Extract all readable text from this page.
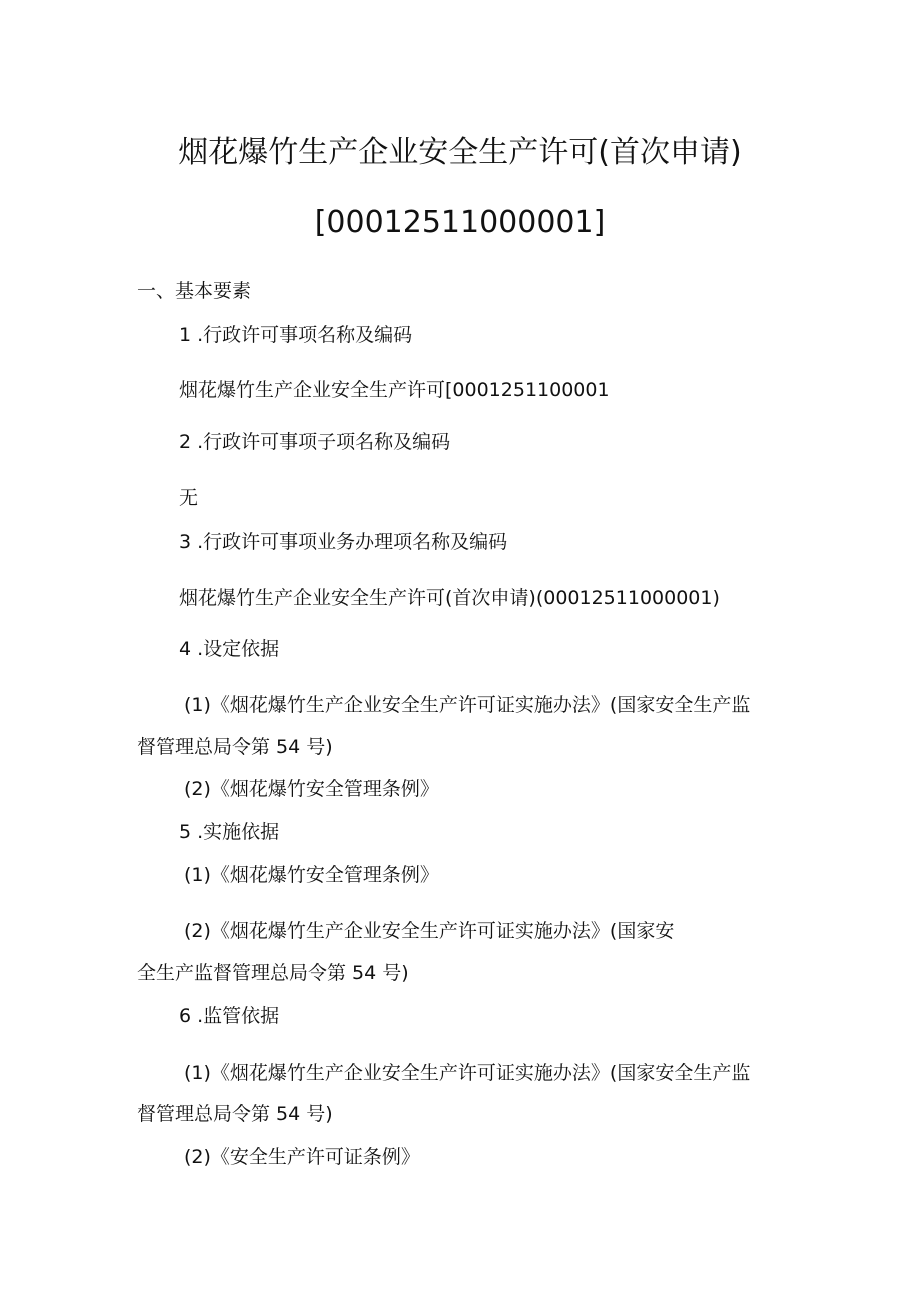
烟花爆竹生产企业安全生产许可(首次申请)
[00012511000001]
一、基本要素
1 .行政许可事项名称及编码
烟花爆竹生产企业安全生产许可[0001251100001
2 .行政许可事项子项名称及编码
无
3 .行政许可事项业务办理项名称及编码
烟花爆竹生产企业安全生产许可(首次申请)(00012511000001)
4 .设定依据
(1)《烟花爆竹生产企业安全生产许可证实施办法》(国家安全生产监
督管理总局令第 54 号)
(2)《烟花爆竹安全管理条例》
5 .实施依据
(1)《烟花爆竹安全管理条例》
(2)《烟花爆竹生产企业安全生产许可证实施办法》(国家安
全生产监督管理总局令第 54 号)
6 .监管依据
(1)《烟花爆竹生产企业安全生产许可证实施办法》(国家安全生产监
督管理总局令第 54 号)
(2)《安全生产许可证条例》
